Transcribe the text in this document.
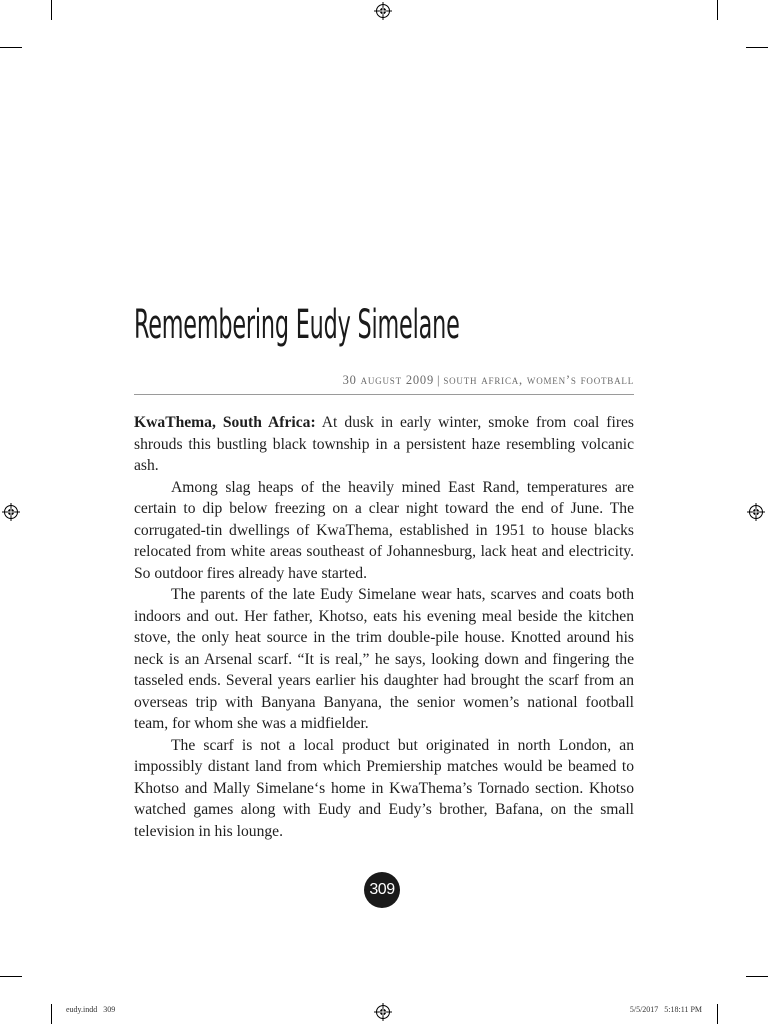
Remembering Eudy Simelane
30 august 2009 | south africa, women’s football

KwaThema, South Africa: At dusk in early winter, smoke from coal fires shrouds this bustling black township in a persistent haze resembling volcanic ash.

Among slag heaps of the heavily mined East Rand, temperatures are certain to dip below freezing on a clear night toward the end of June. The corrugated-tin dwellings of KwaThema, established in 1951 to house blacks relocated from white areas southeast of Johannesburg, lack heat and electricity. So outdoor fires already have started.

The parents of the late Eudy Simelane wear hats, scarves and coats both indoors and out. Her father, Khotso, eats his evening meal beside the kitchen stove, the only heat source in the trim double-pile house. Knotted around his neck is an Arsenal scarf. “It is real,” he says, looking down and fingering the tasseled ends. Several years earlier his daughter had brought the scarf from an overseas trip with Banyana Banyana, the senior women’s national football team, for whom she was a midfielder.

The scarf is not a local product but originated in north London, an impossibly distant land from which Premiership matches would be beamed to Khotso and Mally Simelane‘s home in KwaThema’s Tornado section. Khotso watched games along with Eudy and Eudy’s brother, Bafana, on the small television in his lounge.

309
eudy.indd   309	5/5/2017   5:18:11 PM
